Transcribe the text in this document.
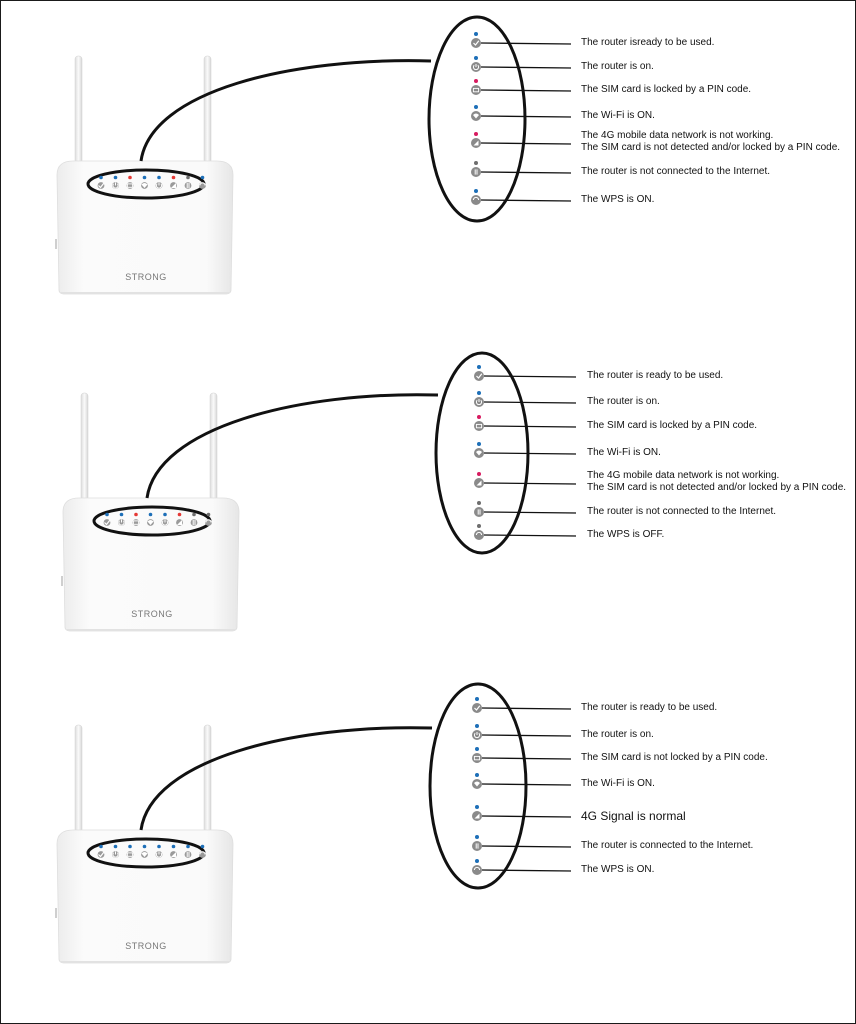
STRONG
STRONG
STRONG
The router isready to be used.
The router is on.
The SIM card is locked by a PIN code.
The Wi-Fi is ON.
The 4G mobile data network is not working.
The SIM card is not detected and/or locked by a PIN code.
The router is not connected to the Internet.
The WPS is ON.
The router is ready to be used.
The router is on.
The SIM card is locked by a PIN code.
The Wi-Fi is ON.
The 4G mobile data network is not working.
The SIM card is not detected and/or locked by a PIN code.
The router is not connected to the Internet.
The WPS is OFF.
The router is ready to be used.
The router is on.
The SIM card is not locked by a PIN code.
The Wi-Fi is ON.
4G Signal is normal
The router is connected to the Internet.
The WPS is ON.
